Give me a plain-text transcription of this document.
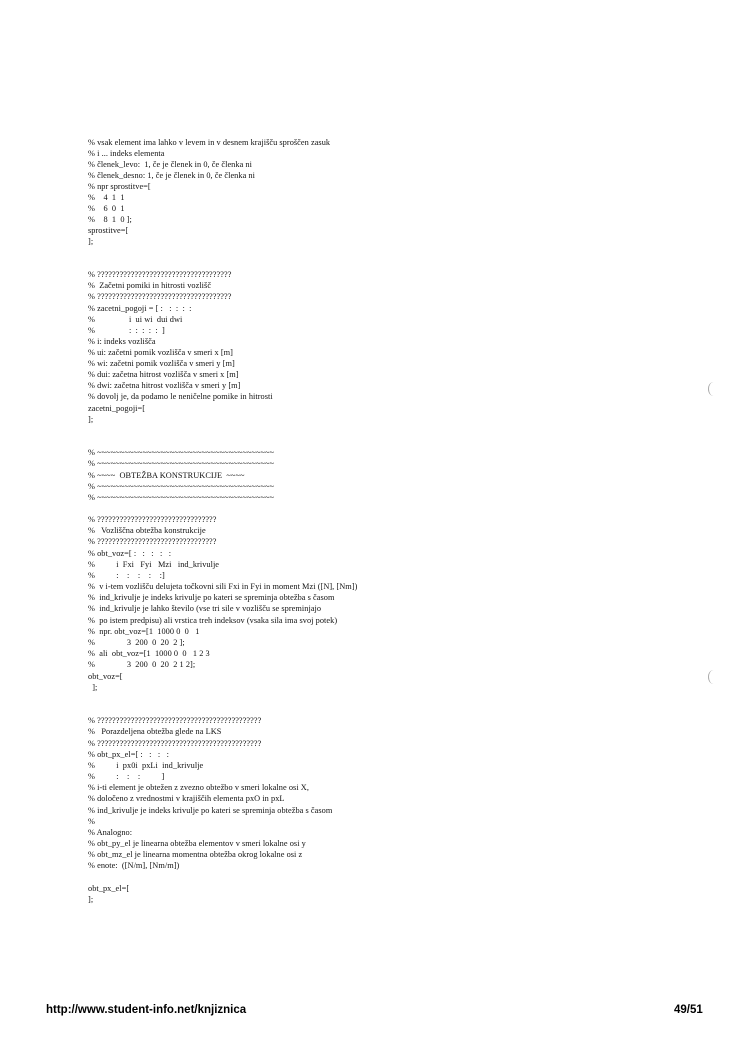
% vsak element ima lahko v levem in v desnem krajišču sproščen zasuk
% i ... indeks elementa
% členek_levo:  1, če je členek in 0, če členka ni
% členek_desno: 1, če je členek in 0, če členka ni
% npr sprostitve=[
%    4  1  1
%    6  0  1
%    8  1  0 ];
sprostitve=[
];
% ????????????????????????????????????
%  Začetni pomiki in hitrosti vozlišč
% ????????????????????????????????????
% zacetni_pogoji = [ :   :  :  :  :
%                i  ui wi  dui dwi
%                :  :  :  :  :  ]
% i: indeks vozlišča
% ui: začetni pomik vozlišča v smeri x [m]
% wi: začetni pomik vozlišča v smeri y [m]
% dui: začetna hitrost vozlišča v smeri x [m]
% dwi: začetna hitrost vozlišča v smeri y [m]
% dovolj je, da podamo le neničelne pomike in hitrosti
zacetni_pogoji=[
];
% ~~~~~~~~~~~~~~~~~~~~~~~~~~~~~~~~~~~~~~~
% ~~~~~~~~~~~~~~~~~~~~~~~~~~~~~~~~~~~~~~~
% ~~~~  OBTEŽBA KONSTRUKCIJE  ~~~~
% ~~~~~~~~~~~~~~~~~~~~~~~~~~~~~~~~~~~~~~~
% ~~~~~~~~~~~~~~~~~~~~~~~~~~~~~~~~~~~~~~~
% ????????????????????????????????
%   Vozliščna obtežba konstrukcije
% ????????????????????????????????
% obt_voz=[ :   :   :   :   :
%          i  Fxi   Fyi   Mzi   ind_krivulje
%          :    :    :    :    :]
%  v i-tem vozlišču delujeta točkovni sili Fxi in Fyi in moment Mzi ([N], [Nm])
%  ind_krivulje je indeks krivulje po kateri se spreminja obtežba s časom
%  ind_krivulje je lahko število (vse tri sile v vozlišču se spreminjajo
%  po istem predpisu) ali vrstica treh indeksov (vsaka sila ima svoj potek)
%  npr. obt_voz=[1  1000 0  0   1
%               3  200  0  20  2 ];
%  ali  obt_voz=[1  1000 0  0   1 2 3
%               3  200  0  20  2 1 2];
obt_voz=[
];
% ????????????????????????????????????????????
%   Porazdeljena obtežba glede na LKS
% ????????????????????????????????????????????
% obt_px_el=[ :   :   :   :
%          i  px0i  pxLi  ind_krivulje
%          :    :    :          ]
% i-ti element je obtežen z zvezno obtežbo v smeri lokalne osi X,
% določeno z vrednostmi v krajiščih elementa pxO in pxL
% ind_krivulje je indeks krivulje po kateri se spreminja obtežba s časom
%
% Analogno:
% obt_py_el je linearna obtežba elementov v smeri lokalne osi y
% obt_mz_el je linearna momentna obtežba okrog lokalne osi z
% enote:  ([N/m], [Nm/m])
obt_px_el=[
];
http://www.student-info.net/knjiznica	49/51
